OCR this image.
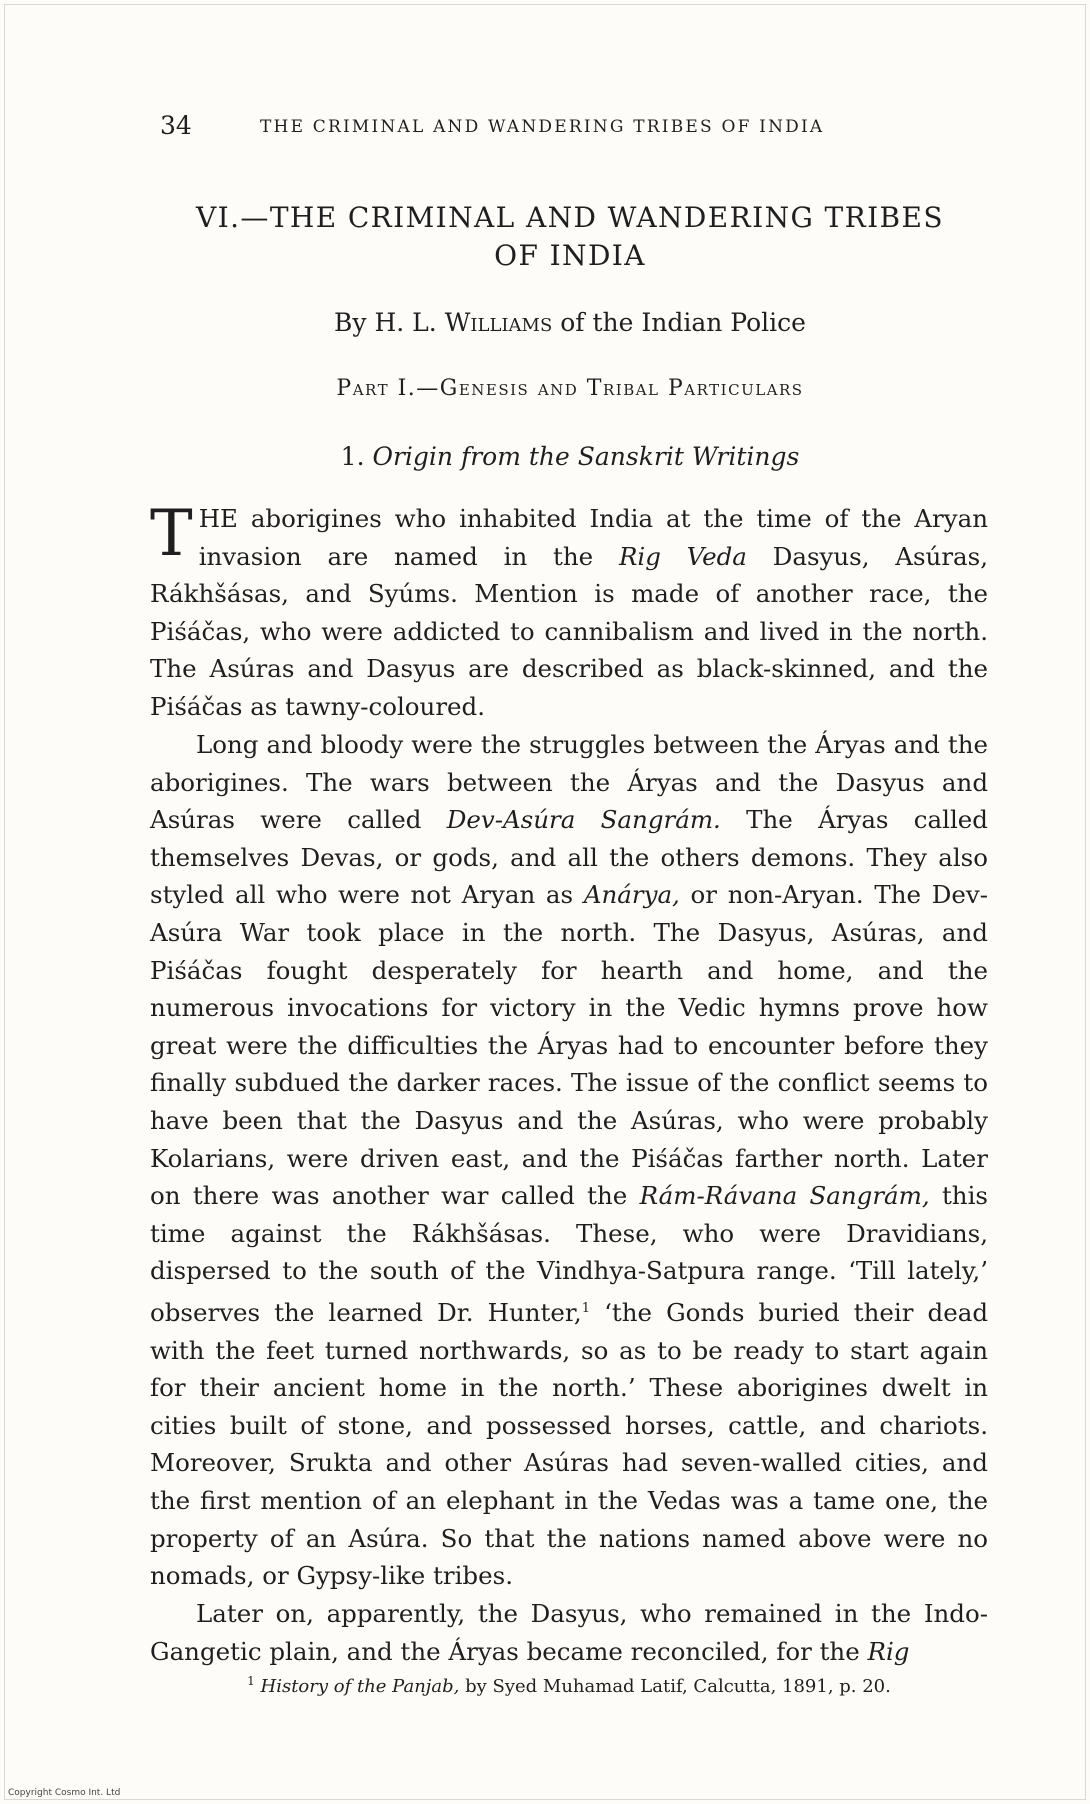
34	THE CRIMINAL AND WANDERING TRIBES OF INDIA
VI.—THE CRIMINAL AND WANDERING TRIBES
OF INDIA
By H. L. Williams of the Indian Police
Part I.—Genesis and Tribal Particulars
1. Origin from the Sanskrit Writings
THE aborigines who inhabited India at the time of the Aryan invasion are named in the Rig Veda Dasyus, Asúras, Rákhšásas, and Syúms. Mention is made of another race, the Piśáčas, who were addicted to cannibalism and lived in the north. The Asúras and Dasyus are described as black-skinned, and the Piśáčas as tawny-coloured.
Long and bloody were the struggles between the Áryas and the aborigines. The wars between the Áryas and the Dasyus and Asúras were called Dev-Asúra Sangrám. The Áryas called themselves Devas, or gods, and all the others demons. They also styled all who were not Aryan as Anárya, or non-Aryan. The Dev-Asúra War took place in the north. The Dasyus, Asúras, and Piśáčas fought desperately for hearth and home, and the numerous invocations for victory in the Vedic hymns prove how great were the difficulties the Áryas had to encounter before they finally subdued the darker races. The issue of the conflict seems to have been that the Dasyus and the Asúras, who were probably Kolarians, were driven east, and the Piśáčas farther north. Later on there was another war called the Rám-Rávana Sangrám, this time against the Rákhšásas. These, who were Dravidians, dispersed to the south of the Vindhya-Satpura range. ‘Till lately,’ observes the learned Dr. Hunter,$^1$ ‘the Gonds buried their dead with the feet turned northwards, so as to be ready to start again for their ancient home in the north.’ These aborigines dwelt in cities built of stone, and possessed horses, cattle, and chariots. Moreover, Srukta and other Asúras had seven-walled cities, and the first mention of an elephant in the Vedas was a tame one, the property of an Asúra. So that the nations named above were no nomads, or Gypsy-like tribes.
Later on, apparently, the Dasyus, who remained in the Indo-Gangetic plain, and the Áryas became reconciled, for the Rig
$^1$ History of the Panjab, by Syed Muhamad Latif, Calcutta, 1891, p. 20.
Copyright Cosmo Int. Ltd
